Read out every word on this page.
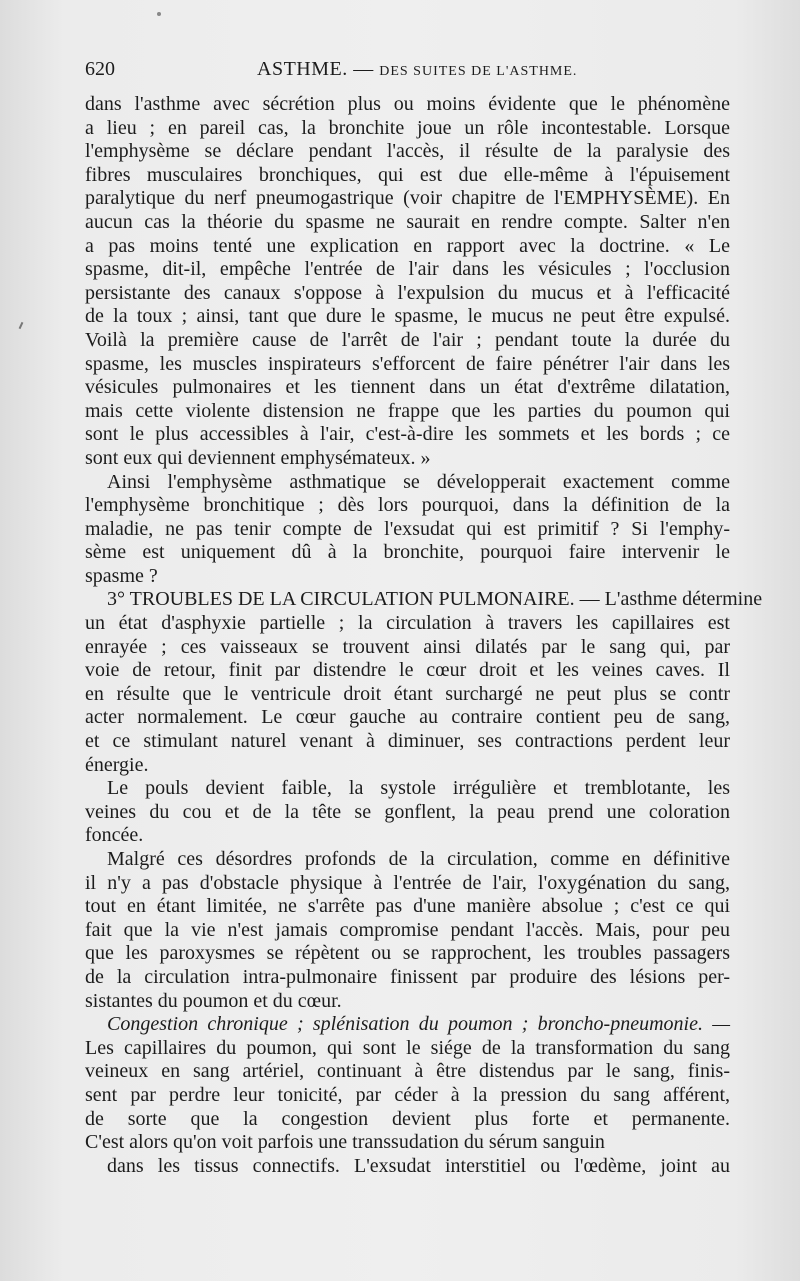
620	ASTHME. — DES SUITES DE L'ASTHME.
dans l'asthme avec sécrétion plus ou moins évidente que le phénomène
a lieu ; en pareil cas, la bronchite joue un rôle incontestable. Lorsque
l'emphysème se déclare pendant l'accès, il résulte de la paralysie des
fibres musculaires bronchiques, qui est due elle-même à l'épuisement
paralytique du nerf pneumogastrique (voir chapitre de l'EMPHYSÈME). En
aucun cas la théorie du spasme ne saurait en rendre compte. Salter n'en
a pas moins tenté une explication en rapport avec la doctrine. « Le
spasme, dit-il, empêche l'entrée de l'air dans les vésicules ; l'occlusion
persistante des canaux s'oppose à l'expulsion du mucus et à l'efficacité
de la toux ; ainsi, tant que dure le spasme, le mucus ne peut être expulsé.
Voilà la première cause de l'arrêt de l'air ; pendant toute la durée du
spasme, les muscles inspirateurs s'efforcent de faire pénétrer l'air dans les
vésicules pulmonaires et les tiennent dans un état d'extrême dilatation,
mais cette violente distension ne frappe que les parties du poumon qui
sont le plus accessibles à l'air, c'est-à-dire les sommets et les bords ; ce
sont eux qui deviennent emphysémateux. »
Ainsi l'emphysème asthmatique se développerait exactement comme
l'emphysème bronchitique ; dès lors pourquoi, dans la définition de la
maladie, ne pas tenir compte de l'exsudat qui est primitif ? Si l'emphy-
sème est uniquement dû à la bronchite, pourquoi faire intervenir le
spasme ?
3° TROUBLES DE LA CIRCULATION PULMONAIRE. — L'asthme détermine
un état d'asphyxie partielle ; la circulation à travers les capillaires est
enrayée ; ces vaisseaux se trouvent ainsi dilatés par le sang qui, par
voie de retour, finit par distendre le cœur droit et les veines caves. Il
en résulte que le ventricule droit étant surchargé ne peut plus se contr
acter normalement. Le cœur gauche au contraire contient peu de sang,
et ce stimulant naturel venant à diminuer, ses contractions perdent leur
énergie.
Le pouls devient faible, la systole irrégulière et tremblotante, les
veines du cou et de la tête se gonflent, la peau prend une coloration
foncée.
Malgré ces désordres profonds de la circulation, comme en définitive
il n'y a pas d'obstacle physique à l'entrée de l'air, l'oxygénation du sang,
tout en étant limitée, ne s'arrête pas d'une manière absolue ; c'est ce qui
fait que la vie n'est jamais compromise pendant l'accès. Mais, pour peu
que les paroxysmes se répètent ou se rapprochent, les troubles passagers
de la circulation intra-pulmonaire finissent par produire des lésions per-
sistantes du poumon et du cœur.
Congestion chronique ; splénisation du poumon ; broncho-pneumonie. —
Les capillaires du poumon, qui sont le siége de la transformation du sang
veineux en sang artériel, continuant à être distendus par le sang, finis-
sent par perdre leur tonicité, par céder à la pression du sang afférent,
de sorte que la congestion devient plus forte et permanente.
C'est alors qu'on voit parfois une transsudation du sérum sanguin
dans les tissus connectifs. L'exsudat interstitiel ou l'œdème, joint au
